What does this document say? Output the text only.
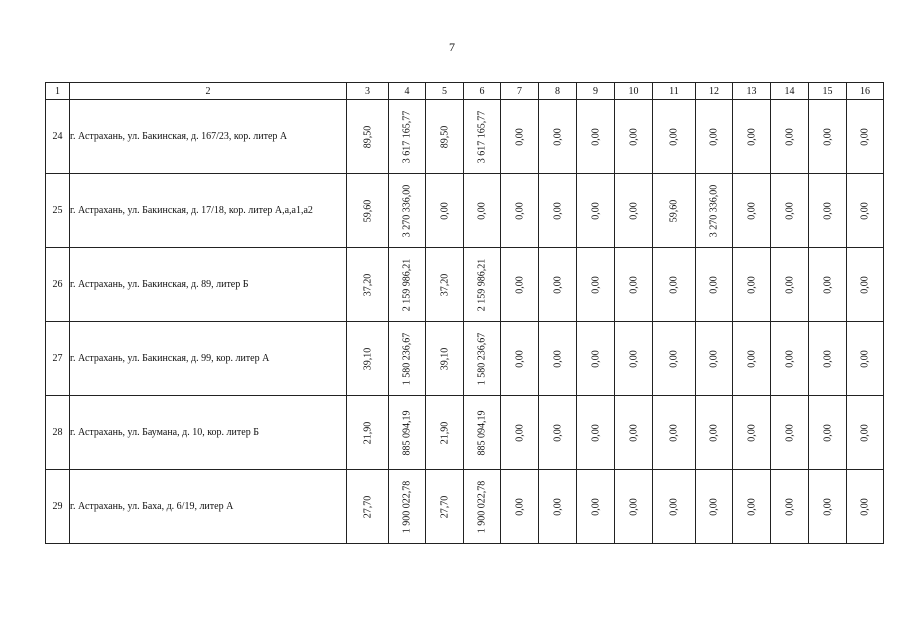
7
1	2	3	4	5	6	7	8	9	10	11	12	13	14	15	16
24	г. Астрахань, ул. Бакинская, д. 167/23, кор. литер А	89,50	3 617 165,77	89,50	3 617 165,77	0,00	0,00	0,00	0,00	0,00	0,00	0,00	0,00	0,00	0,00

25	г. Астрахань, ул. Бакинская, д. 17/18, кор. литер А,а,а1,а2	59,60	3 270 336,00	0,00	0,00	0,00	0,00	0,00	0,00	59,60	3 270 336,00	0,00	0,00	0,00	0,00

26	г. Астрахань, ул. Бакинская, д. 89, литер Б	37,20	2 159 986,21	37,20	2 159 986,21	0,00	0,00	0,00	0,00	0,00	0,00	0,00	0,00	0,00	0,00

27	г. Астрахань, ул. Бакинская, д. 99, кор. литер А	39,10	1 580 236,67	39,10	1 580 236,67	0,00	0,00	0,00	0,00	0,00	0,00	0,00	0,00	0,00	0,00

28	г. Астрахань, ул. Баумана, д. 10, кор. литер Б	21,90	885 094,19	21,90	885 094,19	0,00	0,00	0,00	0,00	0,00	0,00	0,00	0,00	0,00	0,00

29	г. Астрахань, ул. Баха, д. 6/19, литер А	27,70	1 900 022,78	27,70	1 900 022,78	0,00	0,00	0,00	0,00	0,00	0,00	0,00	0,00	0,00	0,00
